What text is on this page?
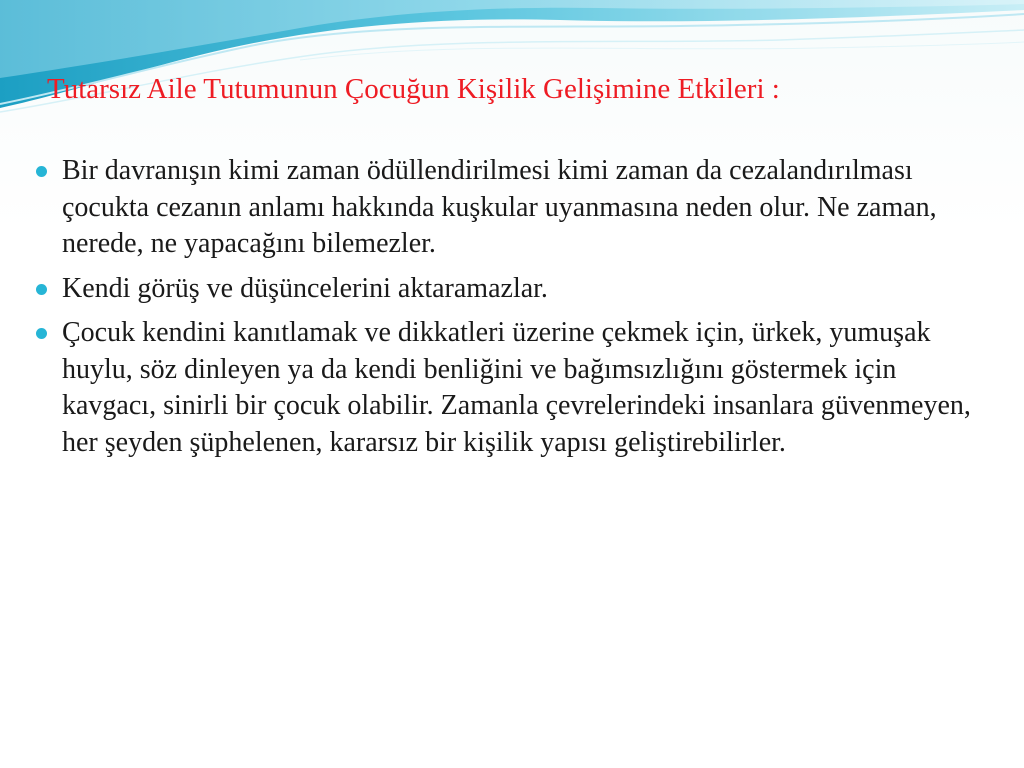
Tutarsız Aile Tutumunun Çocuğun Kişilik Gelişimine Etkileri :
Bir davranışın kimi zaman ödüllendirilmesi kimi zaman da cezalandırılması çocukta cezanın anlamı hakkında kuşkular uyanmasına neden olur. Ne zaman, nerede, ne yapacağını bilemezler.
Kendi görüş ve düşüncelerini aktaramazlar.
Çocuk kendini kanıtlamak ve dikkatleri üzerine çekmek için, ürkek, yumuşak huylu, söz dinleyen ya da kendi benliğini ve bağımsızlığını göstermek için kavgacı, sinirli bir çocuk olabilir. Zamanla çevrelerindeki insanlara güvenmeyen, her şeyden şüphelenen, kararsız bir kişilik yapısı geliştirebilirler.
